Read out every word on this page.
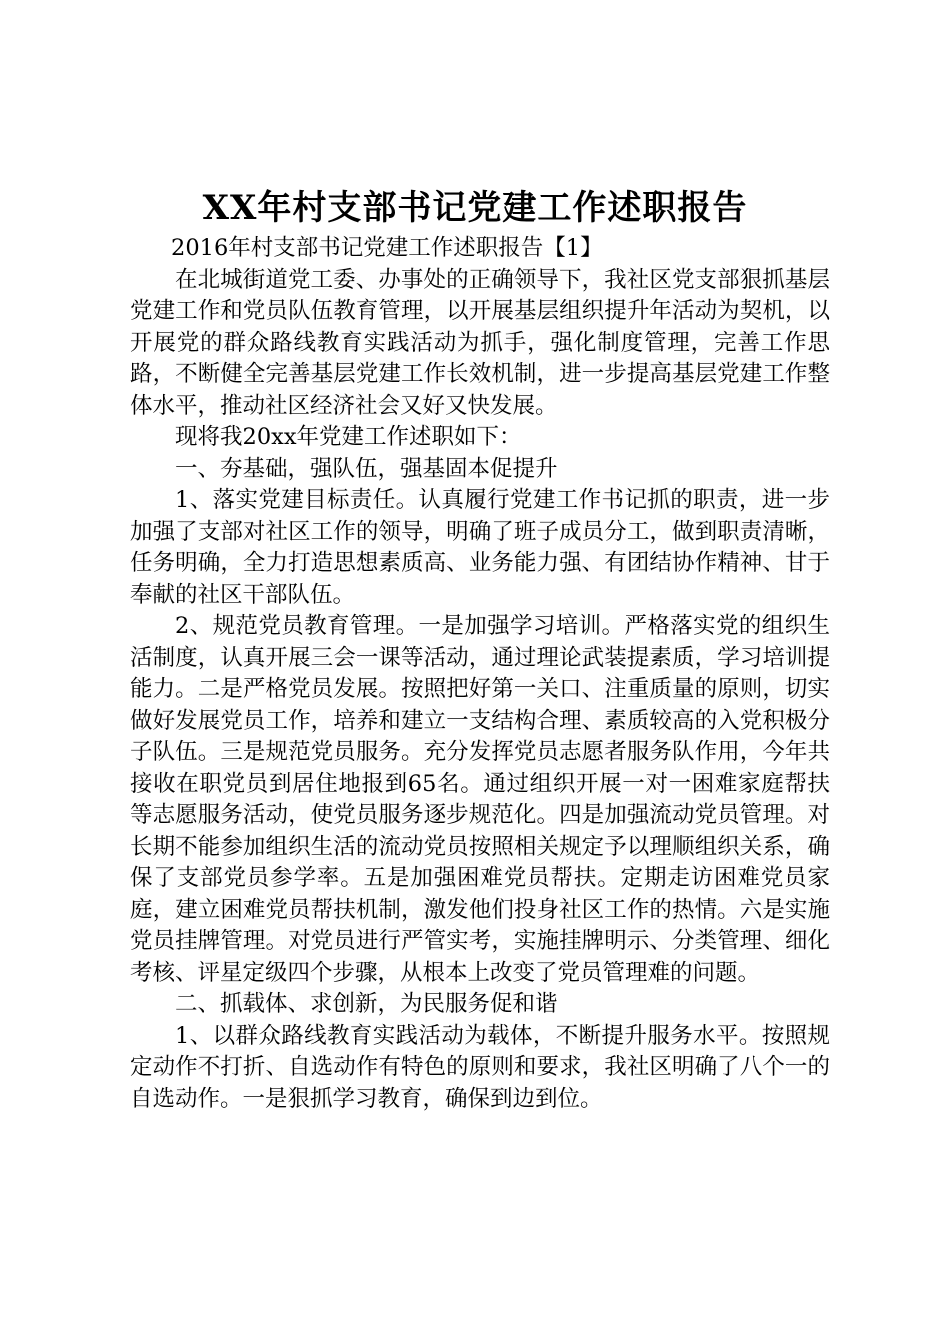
XX年村支部书记党建工作述职报告

2016年村支部书记党建工作述职报告【1】

在北城街道党工委、办事处的正确领导下，我社区党支部狠抓基层党建工作和党员队伍教育管理，以开展基层组织提升年活动为契机，以开展党的群众路线教育实践活动为抓手，强化制度管理，完善工作思路，不断健全完善基层党建工作长效机制，进一步提高基层党建工作整体水平，推动社区经济社会又好又快发展。

现将我20xx年党建工作述职如下：

一、夯基础，强队伍，强基固本促提升

1、落实党建目标责任。认真履行党建工作书记抓的职责，进一步加强了支部对社区工作的领导，明确了班子成员分工，做到职责清晰，任务明确，全力打造思想素质高、业务能力强、有团结协作精神、甘于奉献的社区干部队伍。

2、规范党员教育管理。一是加强学习培训。严格落实党的组织生活制度，认真开展三会一课等活动，通过理论武装提素质，学习培训提能力。二是严格党员发展。按照把好第一关口、注重质量的原则，切实做好发展党员工作，培养和建立一支结构合理、素质较高的入党积极分子队伍。三是规范党员服务。充分发挥党员志愿者服务队作用，今年共接收在职党员到居住地报到65名。通过组织开展一对一困难家庭帮扶等志愿服务活动，使党员服务逐步规范化。四是加强流动党员管理。对长期不能参加组织生活的流动党员按照相关规定予以理顺组织关系，确保了支部党员参学率。五是加强困难党员帮扶。定期走访困难党员家庭，建立困难党员帮扶机制，激发他们投身社区工作的热情。六是实施党员挂牌管理。对党员进行严管实考，实施挂牌明示、分类管理、细化考核、评星定级四个步骤，从根本上改变了党员管理难的问题。

二、抓载体、求创新，为民服务促和谐

1、以群众路线教育实践活动为载体，不断提升服务水平。按照规定动作不打折、自选动作有特色的原则和要求，我社区明确了八个一的自选动作。一是狠抓学习教育，确保到边到位。
